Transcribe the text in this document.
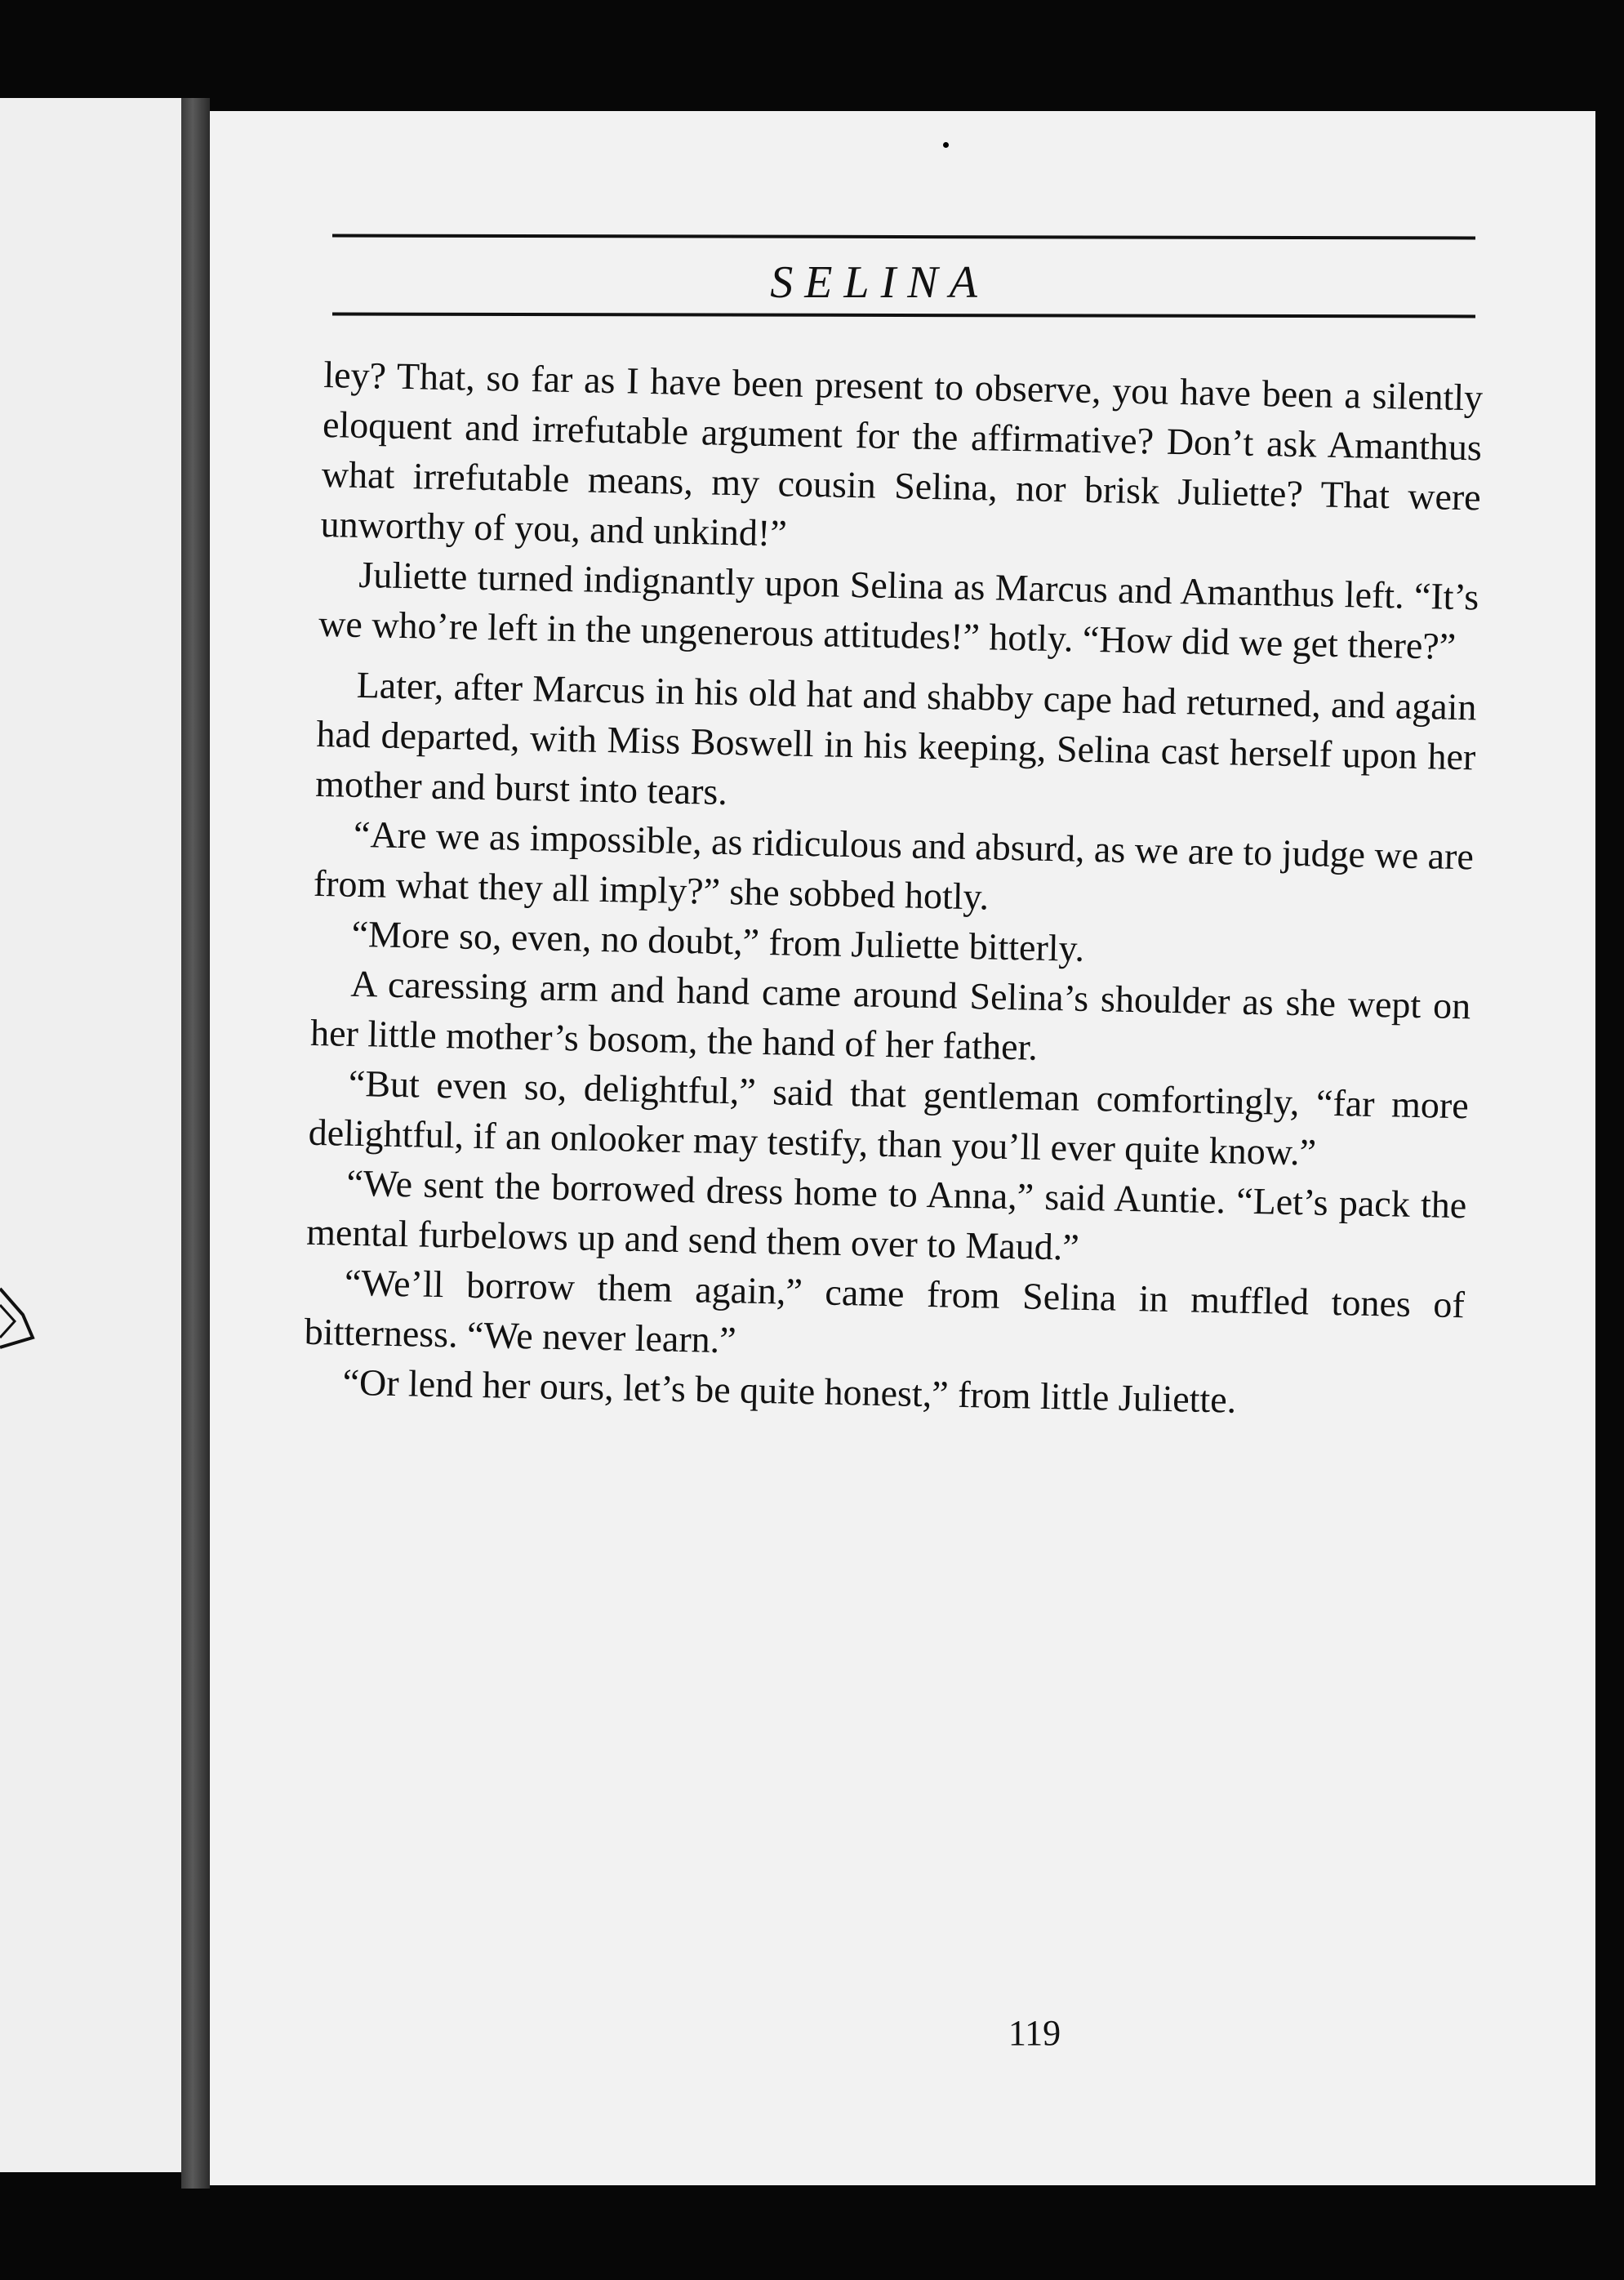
SELINA

ley? That, so far as I have been present to observe, you have been a silently eloquent and irrefutable argument for the affirmative? Don’t ask Amanthus what irrefutable means, my cousin Selina, nor brisk Juliette? That were unworthy of you, and unkind!”

Juliette turned indignantly upon Selina as Marcus and Amanthus left. “It’s we who’re left in the ungenerous attitudes!” hotly. “How did we get there?”

Later, after Marcus in his old hat and shabby cape had returned, and again had departed, with Miss Boswell in his keeping, Selina cast herself upon her mother and burst into tears.

“Are we as impossible, as ridiculous and absurd, as we are to judge we are from what they all imply?” she sobbed hotly.

“More so, even, no doubt,” from Juliette bitterly.

A caressing arm and hand came around Selina’s shoulder as she wept on her little mother’s bosom, the hand of her father.

“But even so, delightful,” said that gentleman comfortingly, “far more delightful, if an onlooker may testify, than you’ll ever quite know.”

“We sent the borrowed dress home to Anna,” said Auntie. “Let’s pack the mental furbelows up and send them over to Maud.”

“We’ll borrow them again,” came from Selina in muffled tones of bitterness. “We never learn.”

“Or lend her ours, let’s be quite honest,” from little Juliette.

119
